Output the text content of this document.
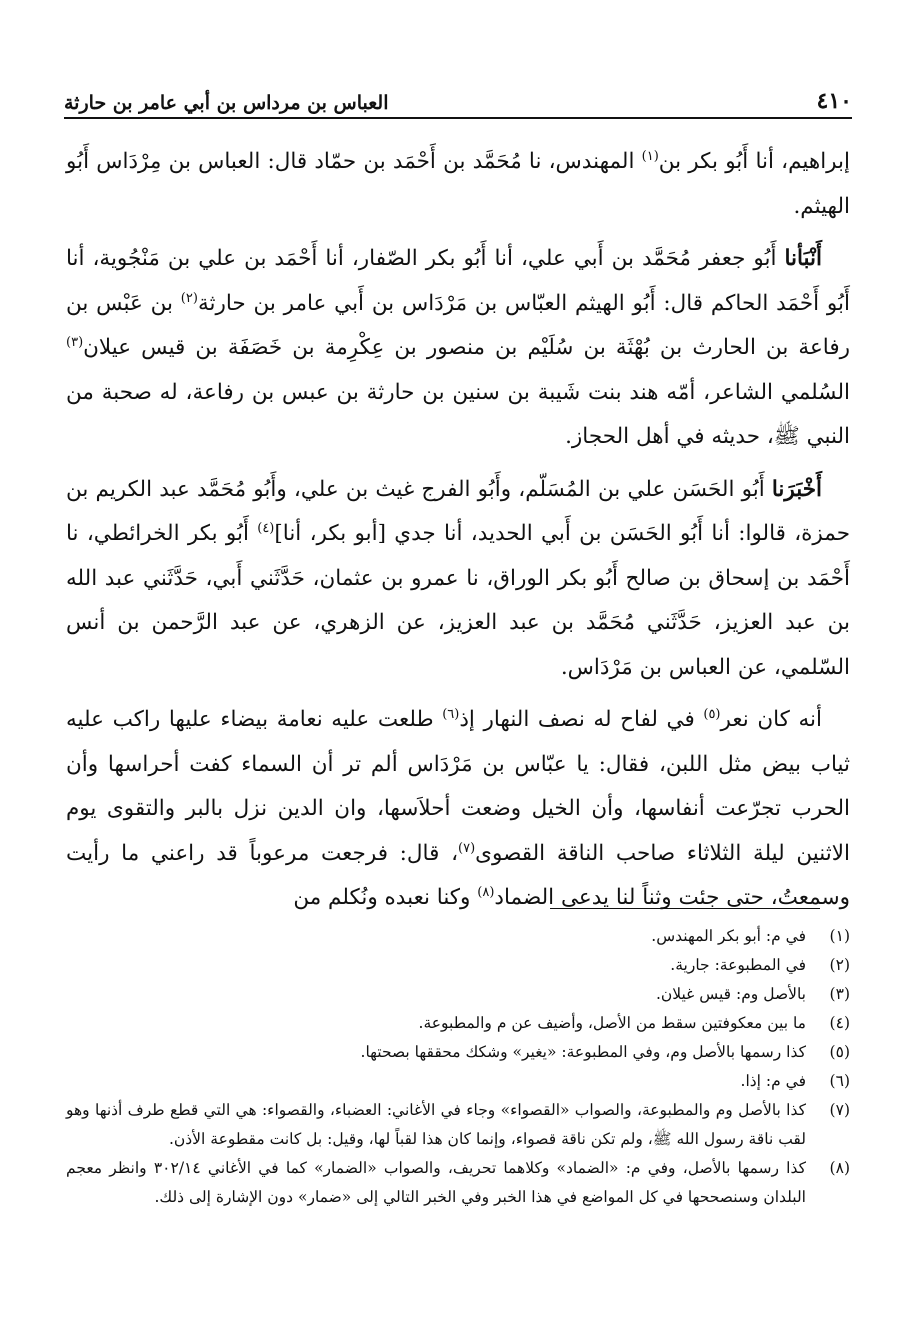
٤١٠
العباس بن مرداس بن أبي عامر بن حارثة

إبراهيم، أنا أَبُو بكر بن$^{(١)}$ المهندس، نا مُحَمَّد بن أَحْمَد بن حمّاد قال: العباس بن مِرْدَاس أَبُو الهيثم.

أَنْبَأنا أَبُو جعفر مُحَمَّد بن أَبي علي، أنا أَبُو بكر الصّفار، أنا أَحْمَد بن علي بن مَنْجُوية، أنا أَبُو أَحْمَد الحاكم قال: أَبُو الهيثم العبّاس بن مَرْدَاس بن أَبي عامر بن حارثة$^{(٢)}$ بن عَبْس بن رفاعة بن الحارث بن بُهْثَة بن سُلَيْم بن منصور بن عِكْرِمة بن خَصَفَة بن قيس عيلان$^{(٣)}$ السُلمي الشاعر، أمّه هند بنت شَيبة بن سنين بن حارثة بن عبس بن رفاعة، له صحبة من النبي ﷺ، حديثه في أهل الحجاز.

أَخْبَرَنا أَبُو الحَسَن علي بن المُسَلّم، وأَبُو الفرج غيث بن علي، وأَبُو مُحَمَّد عبد الكريم بن حمزة، قالوا: أنا أَبُو الحَسَن بن أَبي الحديد، أنا جدي [أبو بكر، أنا]$^{(٤)}$ أَبُو بكر الخرائطي، نا أَحْمَد بن إسحاق بن صالح أَبُو بكر الوراق، نا عمرو بن عثمان، حَدَّثَني أَبي، حَدَّثَني عبد الله بن عبد العزيز، حَدَّثَني مُحَمَّد بن عبد العزيز، عن الزهري، عن عبد الرَّحمن بن أنس السّلمي، عن العباس بن مَرْدَاس.

أنه كان نعر$^{(٥)}$ في لفاح له نصف النهار إذ$^{(٦)}$ طلعت عليه نعامة بيضاء عليها راكب عليه ثياب بيض مثل اللبن، فقال: يا عبّاس بن مَرْدَاس ألم تر أن السماء كفت أحراسها وأن الحرب تجرّعت أنفاسها، وأن الخيل وضعت أحلاَسها، وان الدين نزل بالبر والتقوى يوم الاثنين ليلة الثلاثاء صاحب الناقة القصوى$^{(٧)}$، قال: فرجعت مرعوباً قد راعني ما رأيت وسمعتُ، حتى جئت وثناً لنا يدعى الضماد$^{(٨)}$ وكنا نعبده ونُكلم من

(١)
في م: أبو بكر المهندس.
(٢)
في المطبوعة: جارية.
(٣)
بالأصل وم: قيس غيلان.
(٤)
ما بين معكوفتين سقط من الأصل، وأضيف عن م والمطبوعة.
(٥)
كذا رسمها بالأصل وم، وفي المطبوعة: «يغير» وشكك محققها بصحتها.
(٦)
في م: إذا.
(٧)
كذا بالأصل وم والمطبوعة، والصواب «القصواء» وجاء في الأغاني: العضباء، والقصواء: هي التي قطع طرف أذنها وهو لقب ناقة رسول الله ﷺ، ولم تكن ناقة قصواء، وإنما كان هذا لقباً لها، وقيل: بل كانت مقطوعة الأذن.
(٨)
كذا رسمها بالأصل، وفي م: «الضماد» وكلاهما تحريف، والصواب «الضمار» كما في الأغاني ٣٠٢/١٤ وانظر معجم البلدان وسنصححها في كل المواضع في هذا الخبر وفي الخبر التالي إلى «ضمار» دون الإشارة إلى ذلك.
